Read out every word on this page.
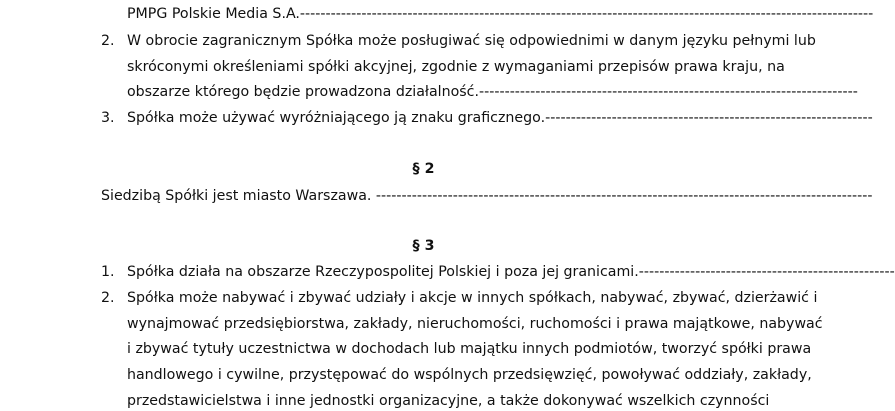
PMPG Polskie Media S.A.----------------------------------------------------------------------------------------------------------------
2. W obrocie zagranicznym Spółka może posługiwać się odpowiednimi w danym języku pełnymi lub
skróconymi określeniami spółki akcyjnej, zgodnie z wymaganiami przepisów prawa kraju, na
obszarze którego będzie prowadzona działalność.--------------------------------------------------------------------------
3. Spółka może używać wyróżniającego ją znaku graficznego.----------------------------------------------------------------
§ 2
Siedzibą Spółki jest miasto Warszawa. -------------------------------------------------------------------------------------------------
§ 3
1. Spółka działa na obszarze Rzeczypospolitej Polskiej i poza jej granicami.--------------------------------------------------
2. Spółka może nabywać i zbywać udziały i akcje w innych spółkach, nabywać, zbywać, dzierżawić i
wynajmować przedsiębiorstwa, zakłady, nieruchomości, ruchomości i prawa majątkowe, nabywać
i zbywać tytuły uczestnictwa w dochodach lub majątku innych podmiotów, tworzyć spółki prawa
handlowego i cywilne, przystępować do wspólnych przedsięwzięć, powoływać oddziały, zakłady,
przedstawicielstwa i inne jednostki organizacyjne, a także dokonywać wszelkich czynności
